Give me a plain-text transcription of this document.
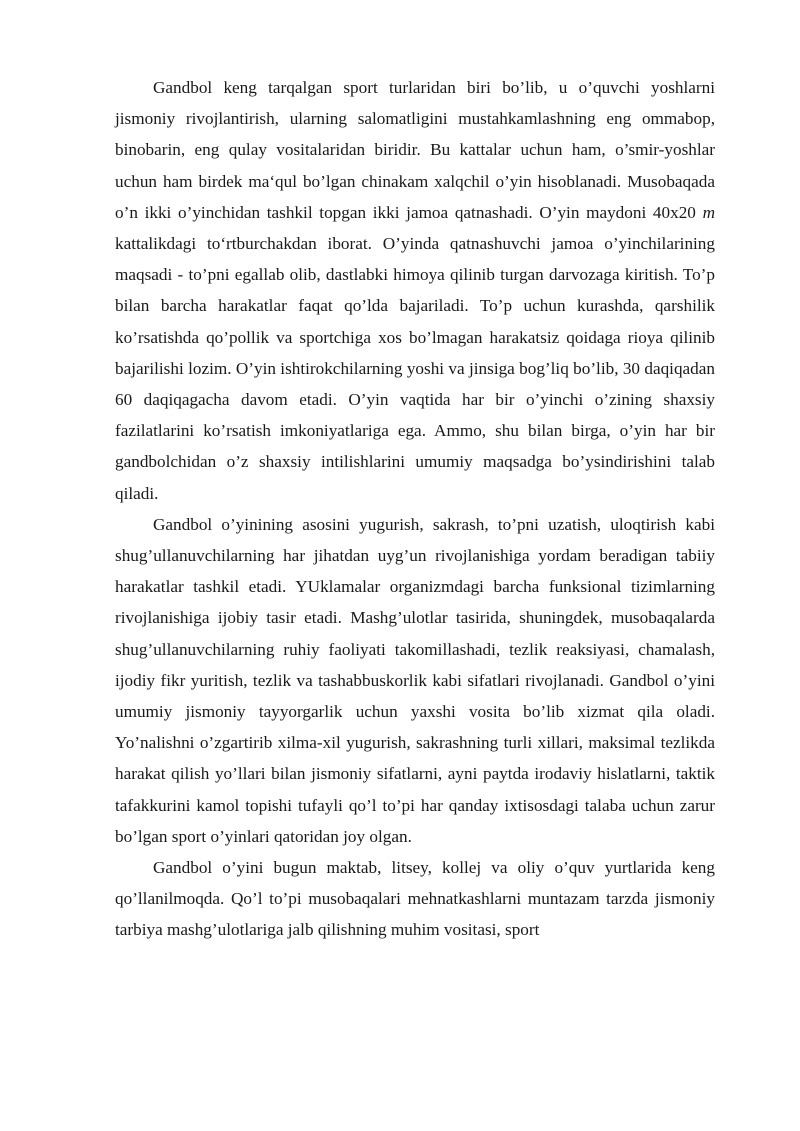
Gandbol keng tarqalgan sport turlaridan biri bo’lib, u o’quvchi yoshlarni jismoniy rivojlantirish, ularning salomatligini mustahkamlashning eng ommabop, binobarin, eng qulay vositalaridan biridir. Bu kattalar uchun ham, o’smir-yoshlar uchun ham birdek ma‘qul bo’lgan chinakam xalqchil o’yin hisoblanadi. Musobaqada o’n ikki o’yinchidan tashkil topgan ikki jamoa qatnashadi. O’yin maydoni 40x20 m kattalikdagi to‘rtburchakdan iborat. O’yinda qatnashuvchi jamoa o’yinchilarining maqsadi - to’pni egallab olib, dastlabki himoya qilinib turgan darvozaga kiritish. To’p bilan barcha harakatlar faqat qo’lda bajariladi. To’p uchun kurashda, qarshilik ko’rsatishda qo’pollik va sportchiga xos bo’lmagan harakatsiz qoidaga rioya qilinib bajarilishi lozim. O’yin ishtirokchilarning yoshi va jinsiga bog’liq bo’lib, 30 daqiqadan 60 daqiqagacha davom etadi. O’yin vaqtida har bir o’yinchi o’zining shaxsiy fazilatlarini ko’rsatish imkoniyatlariga ega. Ammo, shu bilan birga, o’yin har bir gandbolchidan o’z shaxsiy intilishlarini umumiy maqsadga bo’ysindirishini talab qiladi.

Gandbol o’yinining asosini yugurish, sakrash, to’pni uzatish, uloqtirish kabi shug’ullanuvchilarning har jihatdan uyg’un rivojlanishiga yordam beradigan tabiiy harakatlar tashkil etadi. YUklamalar organizmdagi barcha funksional tizimlarning rivojlanishiga ijobiy tasir etadi. Mashg’ulotlar tasirida, shuningdek, musobaqalarda shug’ullanuvchilarning ruhiy faoliyati takomillashadi, tezlik reaksiyasi, chamalash, ijodiy fikr yuritish, tezlik va tashabbuskorlik kabi sifatlari rivojlanadi. Gandbol o’yini umumiy jismoniy tayyorgarlik uchun yaxshi vosita bo’lib xizmat qila oladi. Yo’nalishni o’zgartirib xilma-xil yugurish, sakrashning turli xillari, maksimal tezlikda harakat qilish yo’llari bilan jismoniy sifatlarni, ayni paytda irodaviy hislatlarni, taktik tafakkurini kamol topishi tufayli qo’l to’pi har qanday ixtisosdagi talaba uchun zarur bo’lgan sport o’yinlari qatoridan joy olgan.

Gandbol o’yini bugun maktab, litsey, kollej va oliy o’quv yurtlarida keng qo’llanilmoqda. Qo’l to’pi musobaqalari mehnatkashlarni muntazam tarzda jismoniy tarbiya mashg’ulotlariga jalb qilishning muhim vositasi, sport
